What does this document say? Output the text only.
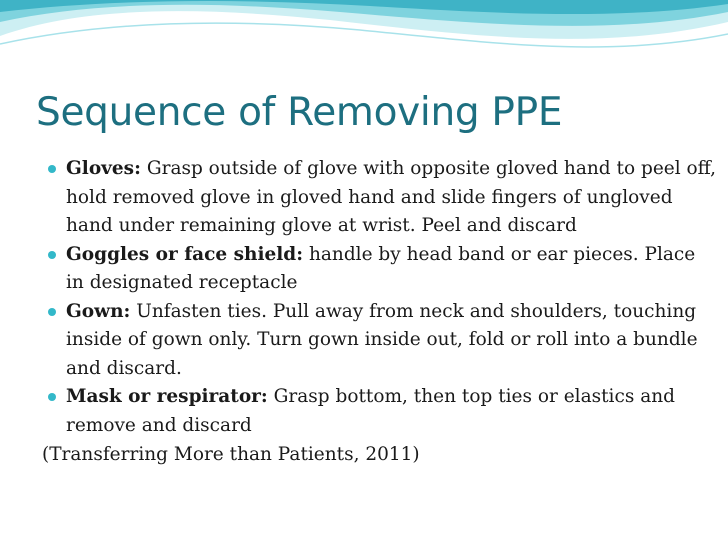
Sequence of Removing PPE
Gloves: Grasp outside of glove with opposite gloved hand to peel off, hold removed glove in gloved hand and slide fingers of ungloved hand under remaining glove at wrist. Peel and discard
Goggles or face shield: handle by head band or ear pieces. Place in designated receptacle
Gown: Unfasten ties. Pull away from neck and shoulders, touching inside of gown only. Turn gown inside out, fold or roll into a bundle and discard.
Mask or respirator: Grasp bottom, then top ties or elastics and remove and discard
(Transferring More than Patients, 2011)
